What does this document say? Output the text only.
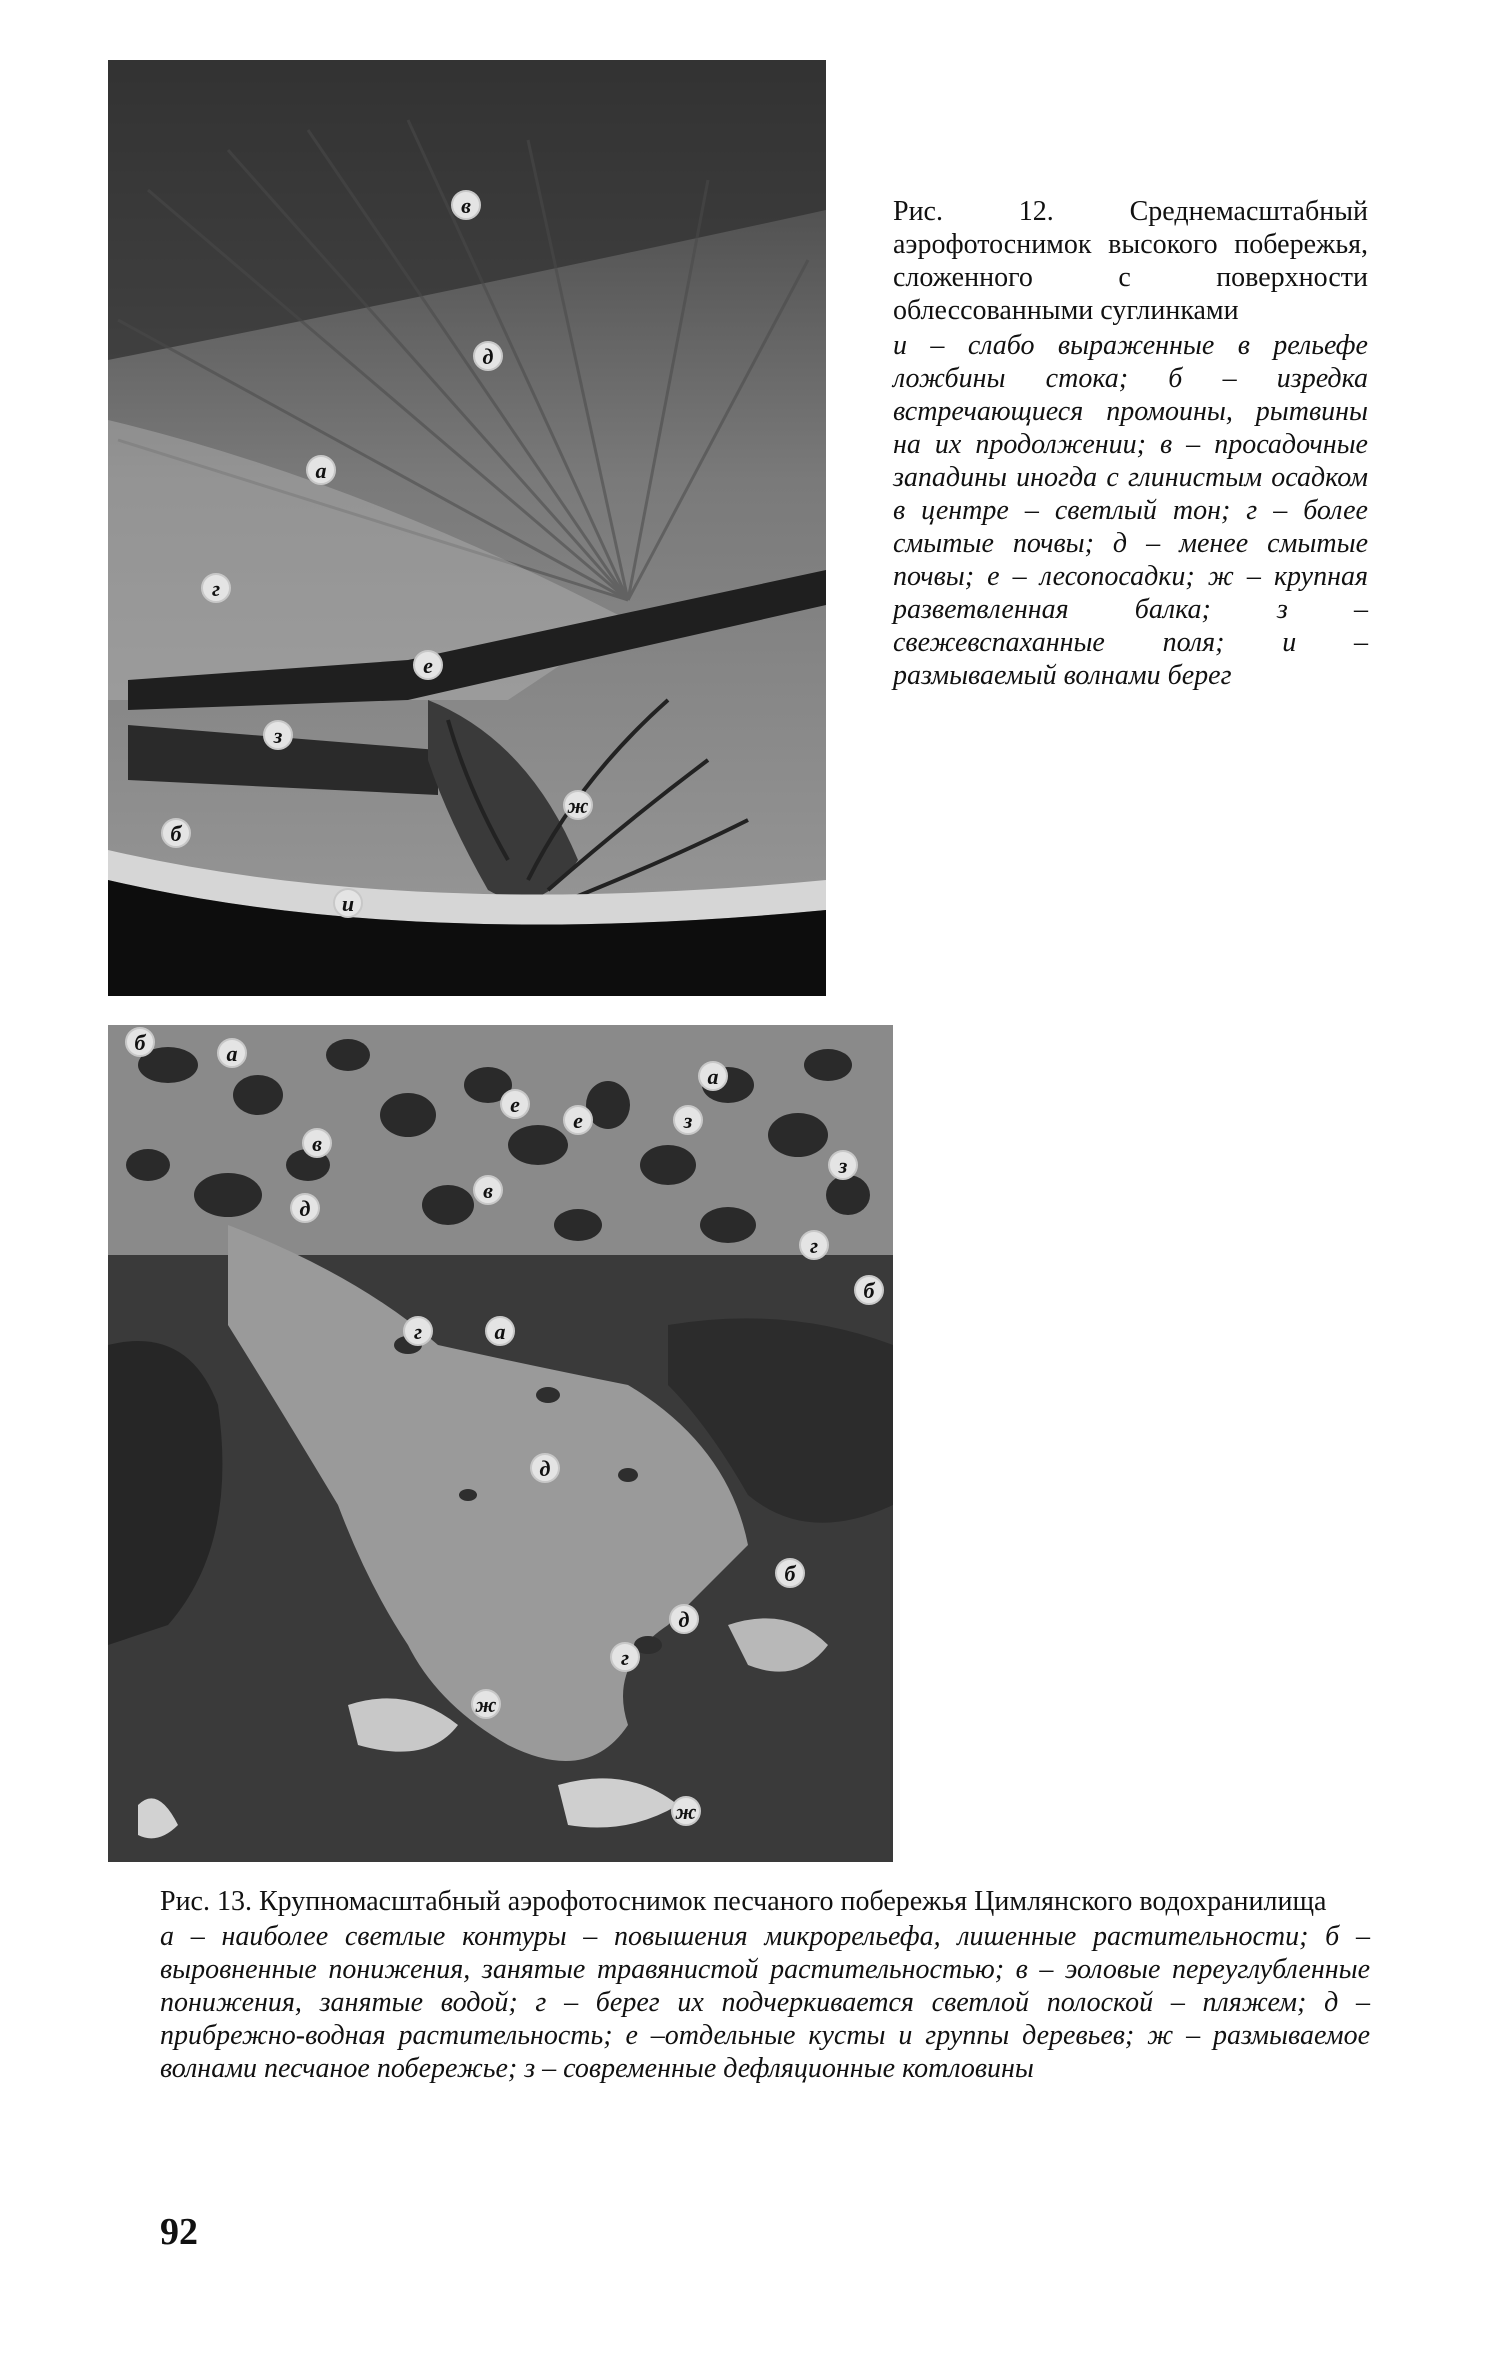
в
д
а
г
е
з
ж
б
и
Рис. 12. Среднемасштабный аэрофотоснимок высокого побережья, сложенного с поверхности облессованными суглинками
и – слабо выраженные в рельефе ложбины стока; б – изредка встречающиеся промоины, рытвины на их продолжении; в – просадочные западины иногда с глинистым осадком в центре – светлый тон; г – более смытые почвы; д – менее смытые почвы; е – лесопосадки; ж – крупная разветвленная балка; з – свежевспаханные поля; и – размываемый волнами берег
б	а
в
д
е
е
в
а
з
з
г
б
г	а
д
б
д
г
ж
ж
Рис. 13. Крупномасштабный аэрофотоснимок песчаного побережья Цимлянского водохранилища
а – наиболее светлые контуры – повышения микрорельефа, лишенные растительности; б – выровненные понижения, занятые травянистой растительностью; в – эоловые переуглубленные понижения, занятые водой; г – берег их подчеркивается светлой полоской – пляжем; д – прибрежно-водная растительность; е –отдельные кусты и группы деревьев; ж – размываемое волнами песчаное побережье; з – современные дефляционные котловины
92
